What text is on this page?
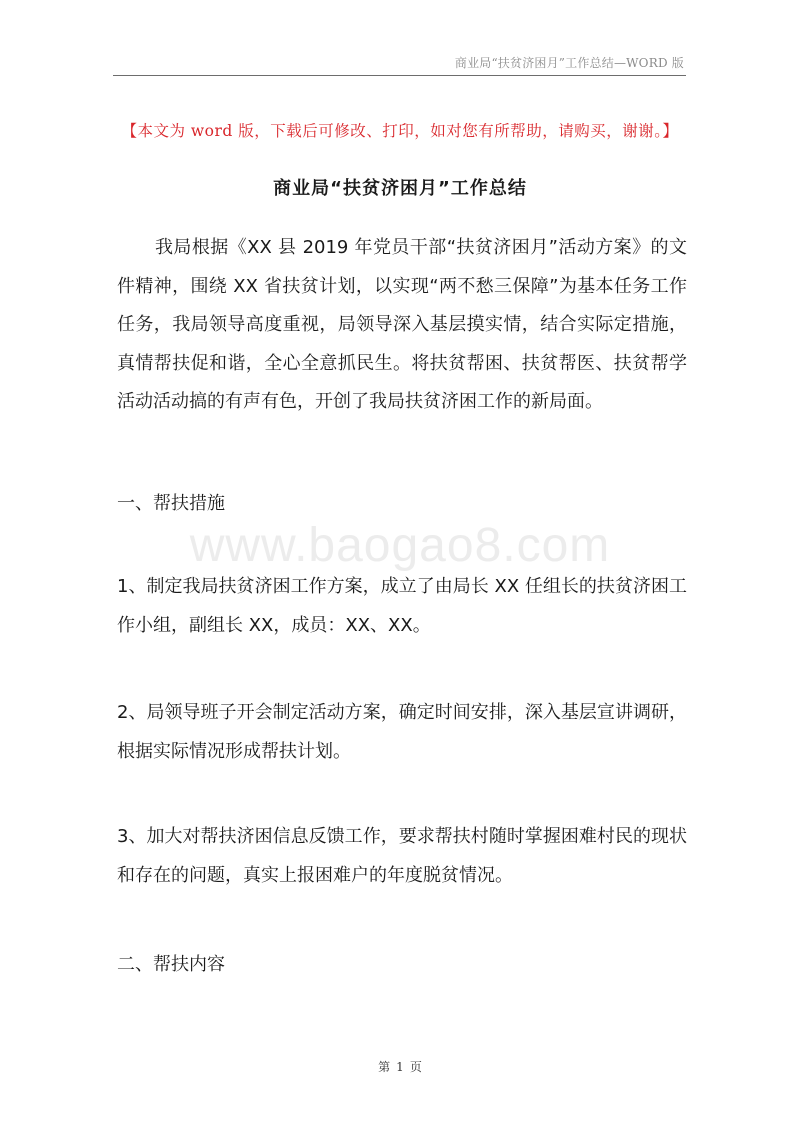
商业局“扶贫济困月”工作总结—WORD 版
【本文为 word 版，下载后可修改、打印，如对您有所帮助，请购买，谢谢。】
商业局“扶贫济困月”工作总结

我局根据《XX 县 2019 年党员干部“扶贫济困月”活动方案》的文件精神，围绕 XX 省扶贫计划，以实现“两不愁三保障”为基本任务工作任务，我局领导高度重视，局领导深入基层摸实情，结合实际定措施，真情帮扶促和谐，全心全意抓民生。将扶贫帮困、扶贫帮医、扶贫帮学活动活动搞的有声有色，开创了我局扶贫济困工作的新局面。

一、帮扶措施

www.baogao8.com

1、制定我局扶贫济困工作方案，成立了由局长 XX 任组长的扶贫济困工作小组，副组长 XX，成员：XX、XX。

2、局领导班子开会制定活动方案，确定时间安排，深入基层宣讲调研，根据实际情况形成帮扶计划。

3、加大对帮扶济困信息反馈工作，要求帮扶村随时掌握困难村民的现状和存在的问题，真实上报困难户的年度脱贫情况。

二、帮扶内容

第 1 页
